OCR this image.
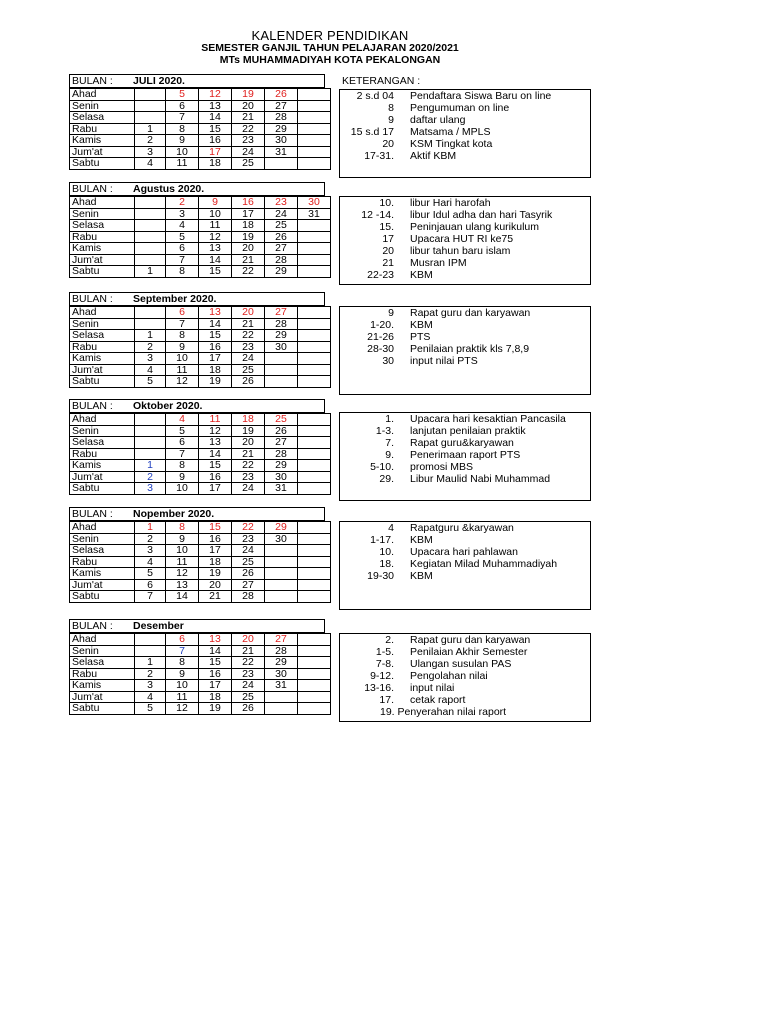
KALENDER PENDIDIKAN
SEMESTER GANJIL TAHUN PELAJARAN 2020/2021
MTs MUHAMMADIYAH KOTA PEKALONGAN
KETERANGAN :
BULAN : JULI 2020.
Ahad		5	12	19	26	
Senin		6	13	20	27	
Selasa		7	14	21	28	
Rabu	1	8	15	22	29	
Kamis	2	9	16	23	30	
Jum'at	3	10	17	24	31	
Sabtu	4	11	18	25		
2 s.d 04 Pendaftara Siswa Baru on line
8 Pengumuman on line
9 daftar ulang
15 s.d 17 Matsama / MPLS
20 KSM Tingkat kota
17-31. Aktif KBM
BULAN : Agustus 2020.
Ahad		2	9	16	23	30
Senin		3	10	17	24	31
Selasa		4	11	18	25	
Rabu		5	12	19	26	
Kamis		6	13	20	27	
Jum'at		7	14	21	28	
Sabtu	1	8	15	22	29	
10. libur Hari harofah
12 -14. libur Idul adha dan hari Tasyrik
15. Peninjauan ulang kurikulum
17 Upacara HUT RI ke75
20 libur tahun baru islam
21 Musran IPM
22-23 KBM
BULAN : September 2020.
Ahad		6	13	20	27	
Senin		7	14	21	28	
Selasa	1	8	15	22	29	
Rabu	2	9	16	23	30	
Kamis	3	10	17	24		
Jum'at	4	11	18	25		
Sabtu	5	12	19	26		
9 Rapat guru dan karyawan
1-20. KBM
21-26 PTS
28-30 Penilaian praktik kls 7,8,9
30 input nilai PTS
BULAN : Oktober 2020.
Ahad		4	11	18	25	
Senin		5	12	19	26	
Selasa		6	13	20	27	
Rabu		7	14	21	28	
Kamis	1	8	15	22	29	
Jum'at	2	9	16	23	30	
Sabtu	3	10	17	24	31	
1. Upacara hari kesaktian Pancasila
1-3. lanjutan penilaian praktik
7. Rapat guru&karyawan
9. Penerimaan raport PTS
5-10. promosi MBS
29. Libur Maulid Nabi Muhammad
BULAN : Nopember 2020.
Ahad	1	8	15	22	29	
Senin	2	9	16	23	30	
Selasa	3	10	17	24		
Rabu	4	11	18	25		
Kamis	5	12	19	26		
Jum'at	6	13	20	27		
Sabtu	7	14	21	28		
4 Rapatguru &karyawan
1-17. KBM
10. Upacara hari pahlawan
18. Kegiatan Milad Muhammadiyah
19-30 KBM
BULAN : Desember
Ahad		6	13	20	27	
Senin		7	14	21	28	
Selasa	1	8	15	22	29	
Rabu	2	9	16	23	30	
Kamis	3	10	17	24	31	
Jum'at	4	11	18	25		
Sabtu	5	12	19	26		
2. Rapat guru dan karyawan
1-5. Penilaian Akhir Semester
7-8. Ulangan susulan PAS
9-12. Pengolahan nilai
13-16. input nilai
17. cetak raport
19. Penyerahan nilai raport
